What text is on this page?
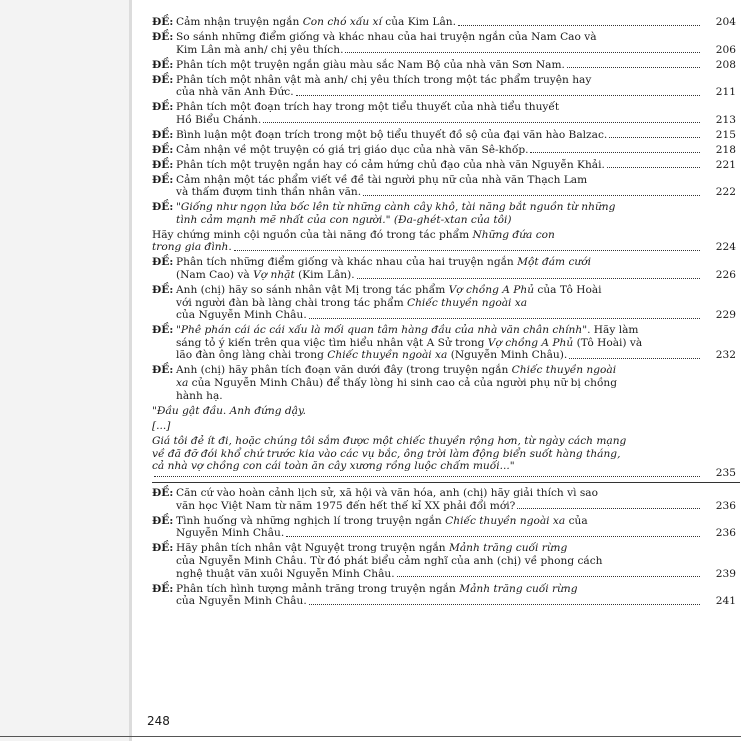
ĐỀ: Cảm nhận truyện ngắn Con chó xấu xí của Kim Lân.	204
ĐỀ: So sánh những điểm giống và khác nhau của hai truyện ngắn của Nam Cao và
Kim Lân mà anh/ chị yêu thích.	206
ĐỀ: Phân tích một truyện ngắn giàu màu sắc Nam Bộ của nhà văn Sơn Nam.	208
ĐỀ: Phân tích một nhân vật mà anh/ chị yêu thích trong một tác phẩm truyện hay
của nhà văn Anh Đức.	211
ĐỀ: Phân tích một đoạn trích hay trong một tiểu thuyết của nhà tiểu thuyết
Hồ Biểu Chánh.	213
ĐỀ: Bình luận một đoạn trích trong một bộ tiểu thuyết đồ sộ của đại văn hào Balzac.	215
ĐỀ: Cảm nhận về một truyện có giá trị giáo dục của nhà văn Sê-khốp.	218
ĐỀ: Phân tích một truyện ngắn hay có cảm hứng chủ đạo của nhà văn Nguyễn Khải.	221
ĐỀ: Cảm nhận một tác phẩm viết về đề tài người phụ nữ của nhà văn Thạch Lam
và thấm đượm tinh thần nhân văn.	222
ĐỀ: "Giống như ngọn lửa bốc lên từ những cành cây khô, tài năng bắt nguồn từ những
tình cảm mạnh mẽ nhất của con người." (Đa-ghét-xtan của tôi)
Hãy chứng minh cội nguồn của tài năng đó trong tác phẩm Những đứa con
trong gia đình.	224
ĐỀ: Phân tích những điểm giống và khác nhau của hai truyện ngắn Một đám cưới
(Nam Cao) và Vợ nhặt (Kim Lân).	226
ĐỀ: Anh (chị) hãy so sánh nhân vật Mị trong tác phẩm Vợ chồng A Phủ của Tô Hoài
với người đàn bà làng chài trong tác phẩm Chiếc thuyền ngoài xa
của Nguyễn Minh Châu.	229
ĐỀ: "Phê phán cái ác cái xấu là mối quan tâm hàng đầu của nhà văn chân chính". Hãy làm
sáng tỏ ý kiến trên qua việc tìm hiểu nhân vật A Sử trong Vợ chồng A Phủ (Tô Hoài) và
lão đàn ông làng chài trong Chiếc thuyền ngoài xa (Nguyễn Minh Châu).	232
ĐỀ: Anh (chị) hãy phân tích đoạn văn dưới đây (trong truyện ngắn Chiếc thuyền ngoài
xa của Nguyễn Minh Châu) để thấy lòng hi sinh cao cả của người phụ nữ bị chồng
hành hạ.
"Đầu gật đầu. Anh đứng dậy.
[...]
Giá tôi đẻ ít đi, hoặc chúng tôi sắm được một chiếc thuyền rộng hơn, từ ngày cách mạng
về đã đỡ đói khổ chứ trước kia vào các vụ bắc, ông trời làm động biển suốt hàng tháng,
cả nhà vợ chồng con cái toàn ăn cây xương rồng luộc chấm muối..."
235
ĐỀ: Căn cứ vào hoàn cảnh lịch sử, xã hội và văn hóa, anh (chị) hãy giải thích vì sao
văn học Việt Nam từ năm 1975 đến hết thế kỉ XX phải đổi mới?	236
ĐỀ: Tình huống và những nghịch lí trong truyện ngắn Chiếc thuyền ngoài xa của
Nguyễn Minh Châu.	236
ĐỀ: Hãy phân tích nhân vật Nguyệt trong truyện ngắn Mảnh trăng cuối rừng
của Nguyễn Minh Châu. Từ đó phát biểu cảm nghĩ của anh (chị) về phong cách
nghệ thuật văn xuôi Nguyễn Minh Châu.	239
ĐỀ: Phân tích hình tượng mảnh trăng trong truyện ngắn Mảnh trăng cuối rừng
của Nguyễn Minh Châu.	241
248
